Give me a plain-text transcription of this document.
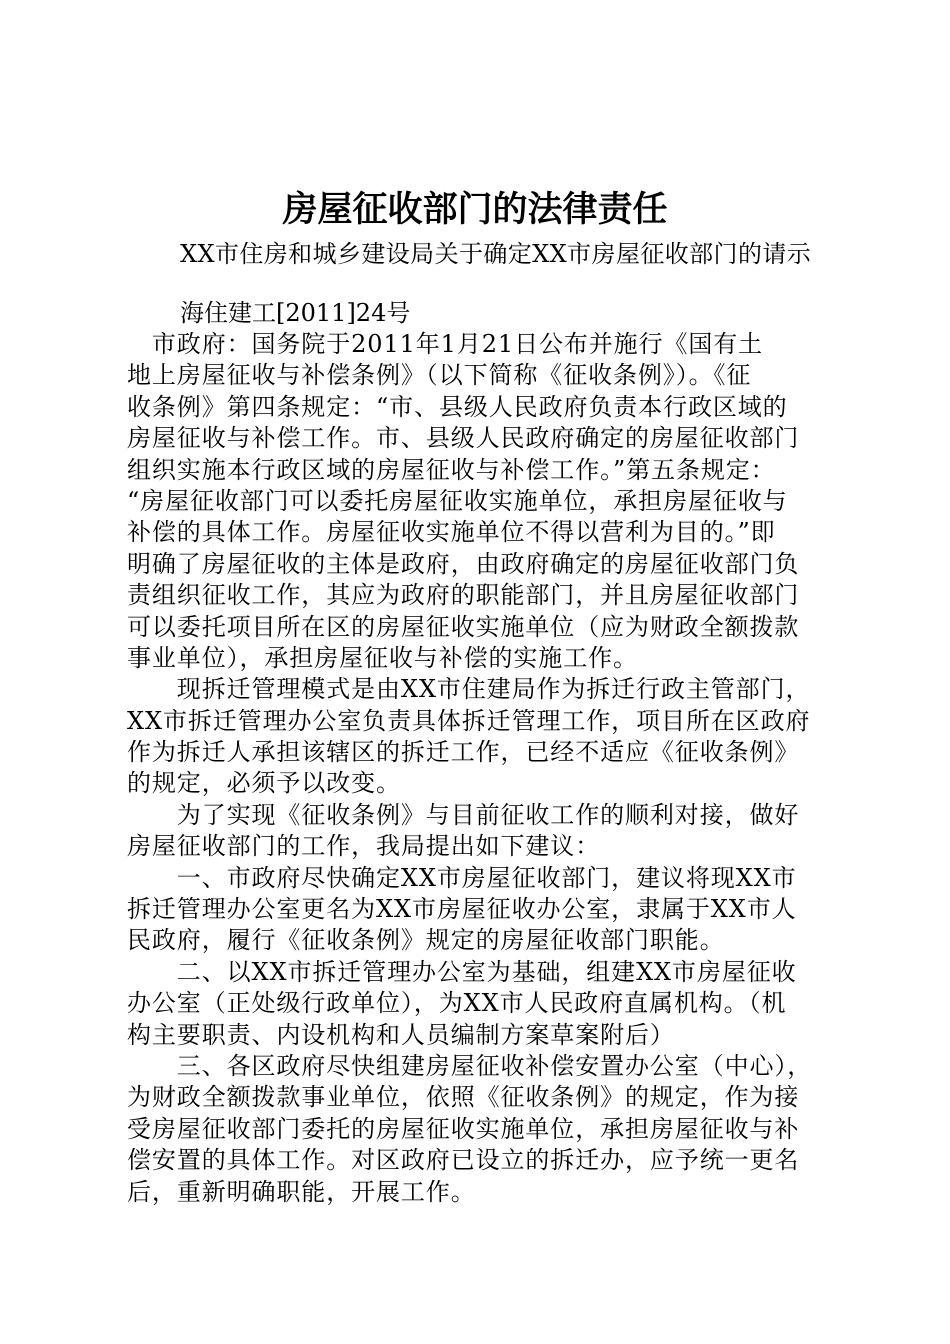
房屋征收部门的法律责任
XX市住房和城乡建设局关于确定XX市房屋征收部门的请示
海住建工[2011]24号
　市政府：国务院于2011年1月21日公布并施行《国有土
地上房屋征收与补偿条例》（以下简称《征收条例》）。《征
收条例》第四条规定：“市、县级人民政府负责本行政区域的
房屋征收与补偿工作。市、县级人民政府确定的房屋征收部门
组织实施本行政区域的房屋征收与补偿工作。”第五条规定：
“房屋征收部门可以委托房屋征收实施单位，承担房屋征收与
补偿的具体工作。房屋征收实施单位不得以营利为目的。”即
明确了房屋征收的主体是政府，由政府确定的房屋征收部门负
责组织征收工作，其应为政府的职能部门，并且房屋征收部门
可以委托项目所在区的房屋征收实施单位（应为财政全额拨款
事业单位），承担房屋征收与补偿的实施工作。
　　现拆迁管理模式是由XX市住建局作为拆迁行政主管部门，
XX市拆迁管理办公室负责具体拆迁管理工作，项目所在区政府
作为拆迁人承担该辖区的拆迁工作，已经不适应《征收条例》
的规定，必须予以改变。
　　为了实现《征收条例》与目前征收工作的顺利对接，做好
房屋征收部门的工作，我局提出如下建议：
　　一、市政府尽快确定XX市房屋征收部门，建议将现XX市
拆迁管理办公室更名为XX市房屋征收办公室，隶属于XX市人
民政府，履行《征收条例》规定的房屋征收部门职能。
　　二、以XX市拆迁管理办公室为基础，组建XX市房屋征收
办公室（正处级行政单位），为XX市人民政府直属机构。（机
构主要职责、内设机构和人员编制方案草案附后）
　　三、各区政府尽快组建房屋征收补偿安置办公室（中心），
为财政全额拨款事业单位，依照《征收条例》的规定，作为接
受房屋征收部门委托的房屋征收实施单位，承担房屋征收与补
偿安置的具体工作。对区政府已设立的拆迁办，应予统一更名
后，重新明确职能，开展工作。
